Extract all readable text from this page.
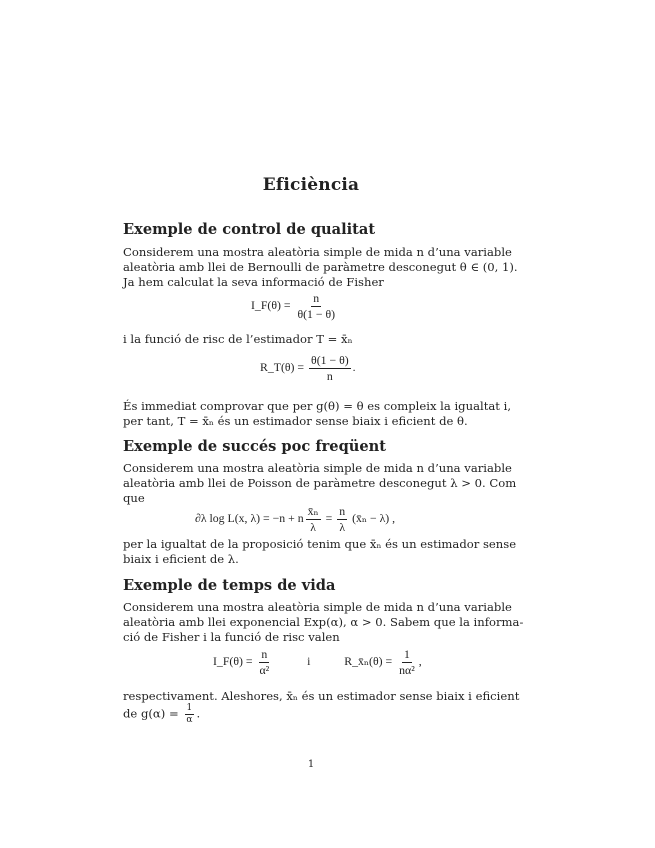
Eficiència
Exemple de control de qualitat
Considerem una mostra aleatòria simple de mida n d’una variable
aleatòria amb llei de Bernoulli de paràmetre desconegut θ ∈ (0, 1).
Ja hem calculat la seva informació de Fisher
I_F(θ) = $\frac{n}{\theta(1 - \theta)}$
i la funció de risc de l’estimador T = x̄ₙ
R_T(θ) = $\frac{\theta(1 - \theta)}{n}$ .
És immediat comprovar que per g(θ) = θ es compleix la igualtat i,
per tant, T = x̄ₙ és un estimador sense biaix i eficient de θ.
Exemple de succés poc freqüent
Considerem una mostra aleatòria simple de mida n d’una variable
aleatòria amb llei de Poisson de paràmetre desconegut λ > 0. Com
que
∂λ log L(x, λ) = −n + n $\frac{\text{x̄ₙ}}{\lambda} = \frac{n}{\lambda}$ (x̄ₙ − λ) ,
per la igualtat de la proposició tenim que x̄ₙ és un estimador sense
biaix i eficient de λ.
Exemple de temps de vida
Considerem una mostra aleatòria simple de mida n d’una variable
aleatòria amb llei exponencial Exp(α), α > 0. Sabem que la informa-
ció de Fisher i la funció de risc valen
I_F(θ) = $\frac{n}{\text{α²}}$	i	R_x̄ₙ(θ) = $\frac{1}{\text{nα²}}$ ,
respectivament. Aleshores, x̄ₙ és un estimador sense biaix i eficient
de $g(\alpha) = \frac{1}{\alpha}$ .
1
